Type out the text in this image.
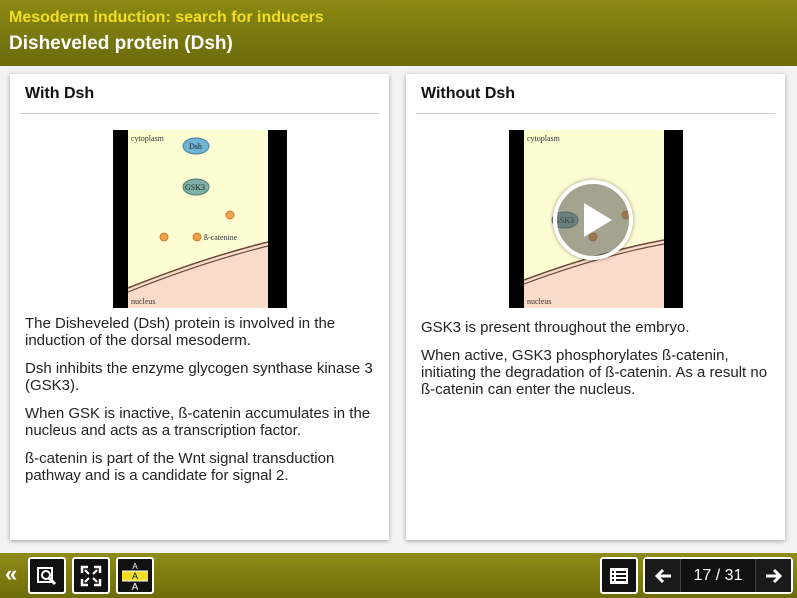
Mesoderm induction: search for inducers
Disheveled protein (Dsh)
With Dsh
cytoplasm
Dsh
GSK3
ß-catenine
nucleus

The Disheveled (Dsh) protein is involved in the induction of the dorsal mesoderm.

Dsh inhibits the enzyme glycogen synthase kinase 3 (GSK3).

When GSK is inactive, ß-catenin accumulates in the nucleus and acts as a transcription factor.

ß-catenin is part of the Wnt signal transduction pathway and is a candidate for signal 2.

Without Dsh
cytoplasm
nucleus

GSK3 is present throughout the embryo.

When active, GSK3 phosphorylates ß-catenin, initiating the degradation of ß-catenin. As a result no ß-catenin can enter the nucleus.

«	A
A
A
17 / 31
